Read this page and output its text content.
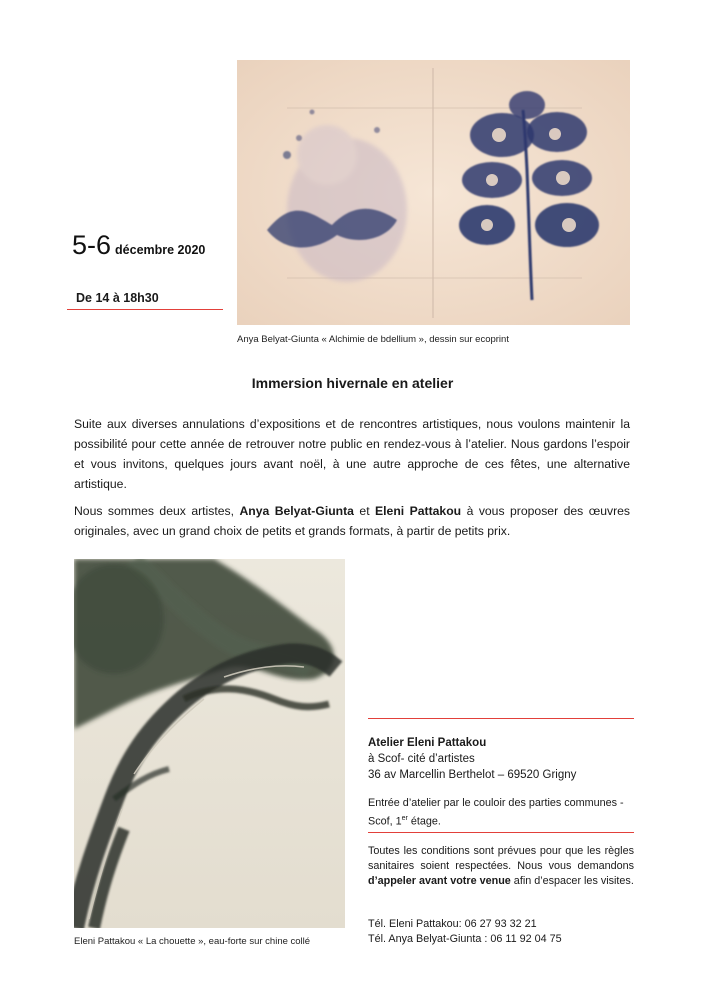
Anya Belyat-Giunta « Alchimie de bdellium », dessin sur ecoprint
5-6 décembre 2020
De 14 à 18h30
Immersion hivernale en atelier
Suite aux diverses annulations d’expositions et de rencontres artistiques, nous voulons maintenir la possibilité pour cette année de retrouver notre public en rendez-vous à l’atelier. Nous gardons l’espoir et vous invitons, quelques jours avant noël, à une autre approche de ces fêtes, une alternative artistique.
Nous sommes deux artistes, Anya Belyat-Giunta et Eleni Pattakou à vous proposer des œuvres originales, avec un grand choix de petits et grands formats, à partir de petits prix.
Eleni Pattakou « La chouette », eau-forte sur chine collé
Atelier Eleni Pattakou
à Scof- cité d’artistes
36 av Marcellin Berthelot – 69520 Grigny
Entrée d’atelier par le couloir des parties communes - Scof, 1er étage.
Toutes les conditions sont prévues pour que les règles sanitaires soient respectées. Nous vous demandons d’appeler avant votre venue afin d’espacer les visites.
Tél. Eleni Pattakou: 06 27 93 32 21
Tél. Anya Belyat-Giunta : 06 11 92 04 75
